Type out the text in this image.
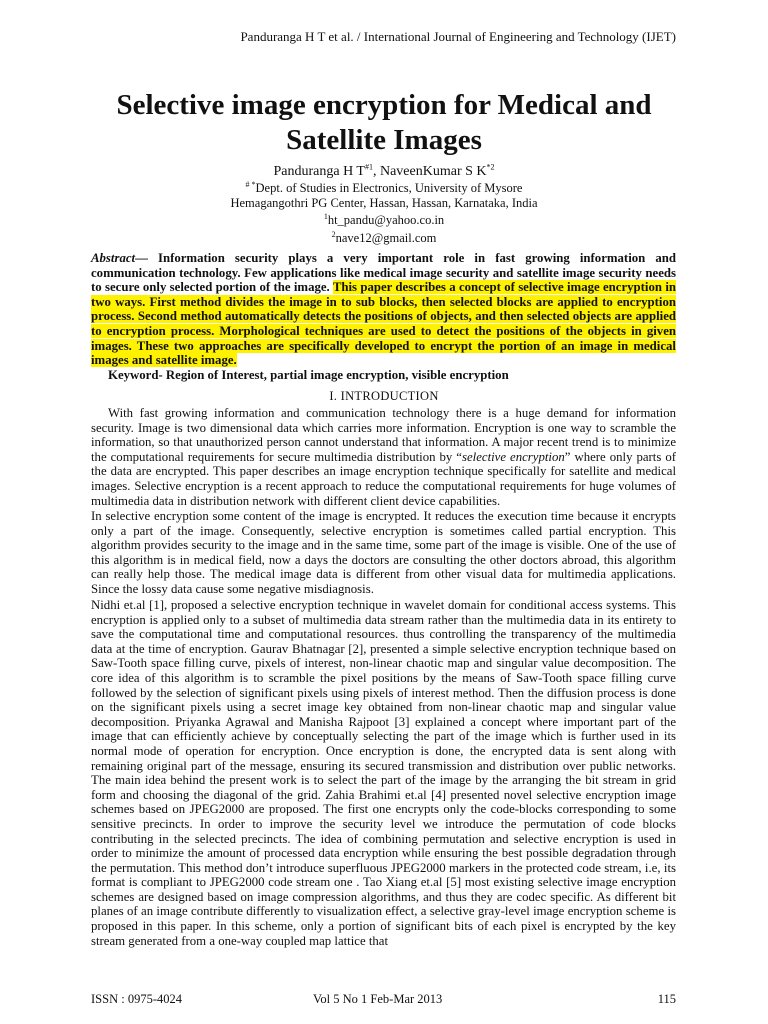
Panduranga H T et al. / International Journal of Engineering and Technology (IJET)
Selective image encryption for Medical and Satellite Images
Panduranga H $T^{\#1}$, NaveenKumar S $K^{*2}$
# *Dept. of Studies in Electronics, University of Mysore
Hemagangothri PG Center, Hassan, Hassan, Karnataka, India
$^1$ht_pandu@yahoo.co.in
$^2$nave12@gmail.com
Abstract— Information security plays a very important role in fast growing information and communication technology. Few applications like medical image security and satellite image security needs to secure only selected portion of the image. This paper describes a concept of selective image encryption in two ways. First method divides the image in to sub blocks, then selected blocks are applied to encryption process. Second method automatically detects the positions of objects, and then selected objects are applied to encryption process. Morphological techniques are used to detect the positions of the objects in given images. These two approaches are specifically developed to encrypt the portion of an image in medical images and satellite image.
Keyword- Region of Interest, partial image encryption, visible encryption
I. INTRODUCTION
With fast growing information and communication technology there is a huge demand for information security. Image is two dimensional data which carries more information. Encryption is one way to scramble the information, so that unauthorized person cannot understand that information. A major recent trend is to minimize the computational requirements for secure multimedia distribution by “selective encryption” where only parts of the data are encrypted. This paper describes an image encryption technique specifically for satellite and medical images. Selective encryption is a recent approach to reduce the computational requirements for huge volumes of multimedia data in distribution network with different client device capabilities.
In selective encryption some content of the image is encrypted. It reduces the execution time because it encrypts only a part of the image. Consequently, selective encryption is sometimes called partial encryption. This algorithm provides security to the image and in the same time, some part of the image is visible. One of the use of this algorithm is in medical field, now a days the doctors are consulting the other doctors abroad, this algorithm can really help those. The medical image data is different from other visual data for multimedia applications. Since the lossy data cause some negative misdiagnosis.
Nidhi et.al [1], proposed a selective encryption technique in wavelet domain for conditional access systems. This encryption is applied only to a subset of multimedia data stream rather than the multimedia data in its entirety to save the computational time and computational resources. thus controlling the transparency of the multimedia data at the time of encryption. Gaurav Bhatnagar [2], presented a simple selective encryption technique based on Saw-Tooth space filling curve, pixels of interest, non-linear chaotic map and singular value decomposition. The core idea of this algorithm is to scramble the pixel positions by the means of Saw-Tooth space filling curve followed by the selection of significant pixels using pixels of interest method. Then the diffusion process is done on the significant pixels using a secret image key obtained from non-linear chaotic map and singular value decomposition. Priyanka Agrawal and Manisha Rajpoot [3] explained a concept where important part of the image that can efficiently achieve by conceptually selecting the part of the image which is further used in its normal mode of operation for encryption. Once encryption is done, the encrypted data is sent along with remaining original part of the message, ensuring its secured transmission and distribution over public networks. The main idea behind the present work is to select the part of the image by the arranging the bit stream in grid form and choosing the diagonal of the grid. Zahia Brahimi et.al [4] presented novel selective encryption image schemes based on JPEG2000 are proposed. The first one encrypts only the code-blocks corresponding to some sensitive precincts. In order to improve the security level we introduce the permutation of code blocks contributing in the selected precincts. The idea of combining permutation and selective encryption is used in order to minimize the amount of processed data encryption while ensuring the best possible degradation through the permutation. This method don’t introduce superfluous JPEG2000 markers in the protected code stream, i.e, its format is compliant to JPEG2000 code stream one . Tao Xiang et.al [5] most existing selective image encryption schemes are designed based on image compression algorithms, and thus they are codec specific. As different bit planes of an image contribute differently to visualization effect, a selective gray-level image encryption scheme is proposed in this paper. In this scheme, only a portion of significant bits of each pixel is encrypted by the key stream generated from a one-way coupled map lattice that
ISSN : 0975-4024	Vol 5 No 1 Feb-Mar 2013	115
